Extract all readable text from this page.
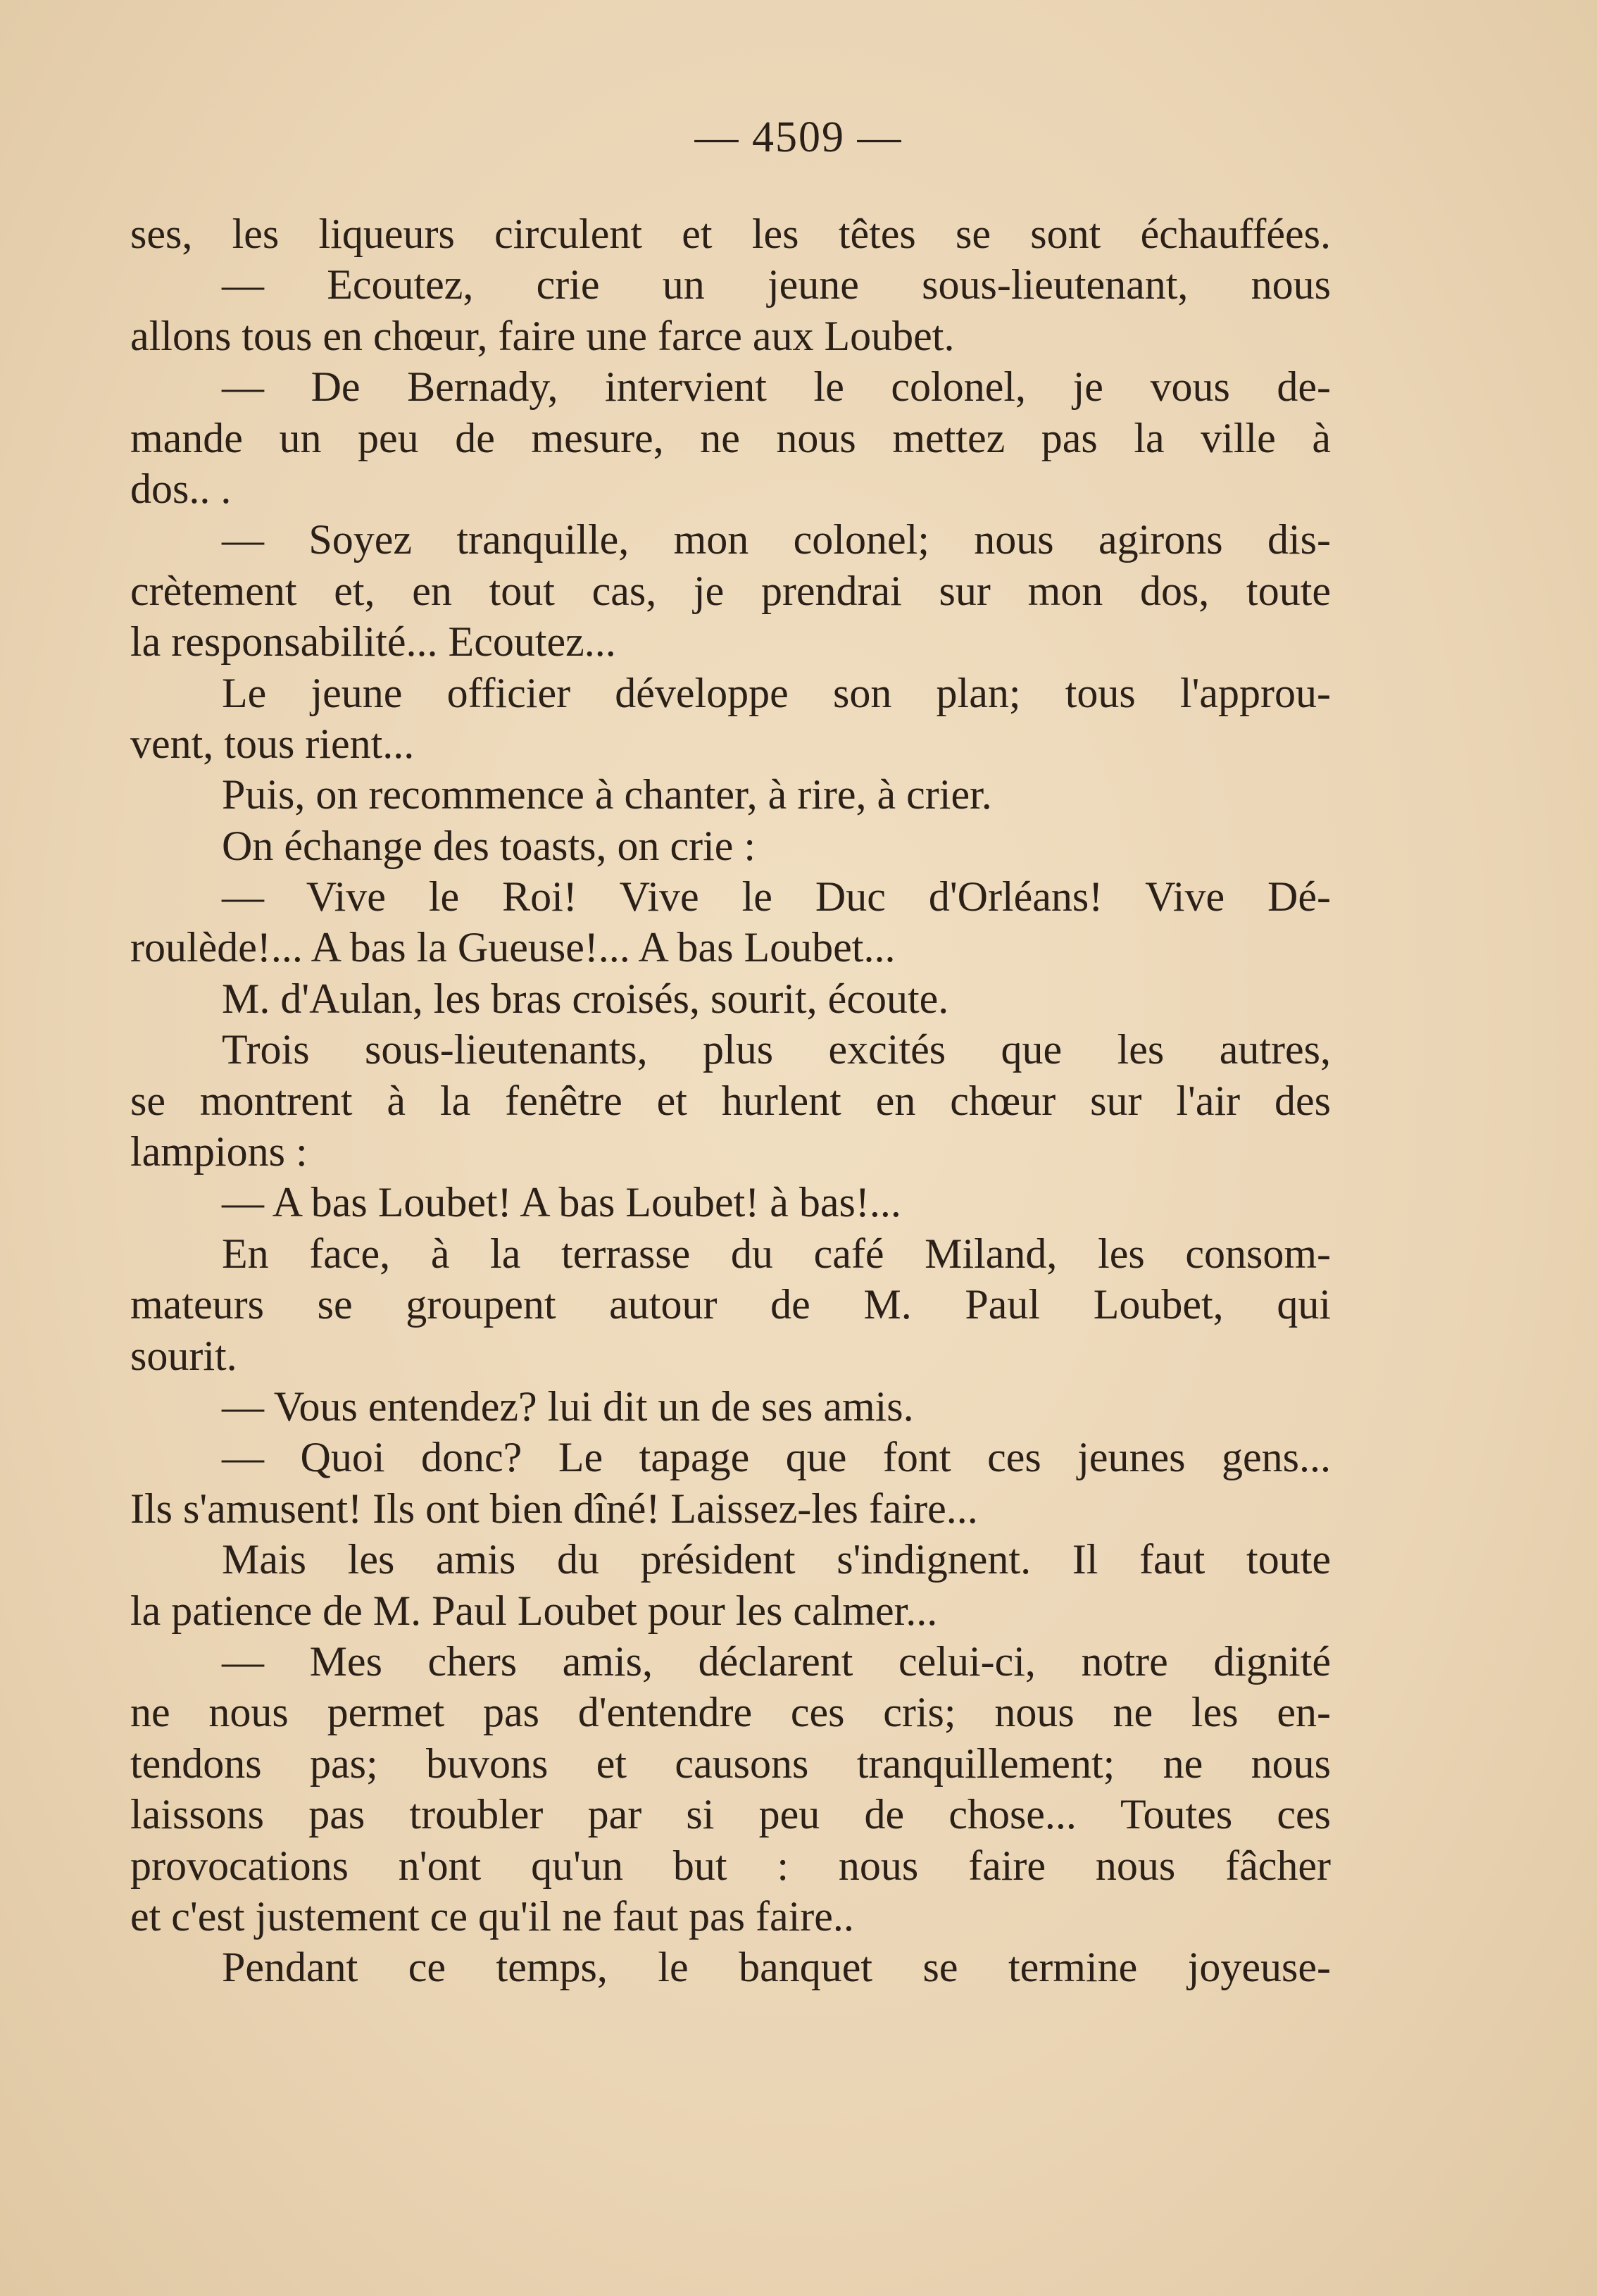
— 4509 —
ses, les liqueurs circulent et les têtes se sont échauffées.
— Ecoutez, crie un jeune sous-lieutenant, nous
allons tous en chœur, faire une farce aux Loubet.
— De Bernady, intervient le colonel, je vous de-
mande un peu de mesure, ne nous mettez pas la ville à
dos.. .
— Soyez tranquille, mon colonel; nous agirons dis-
crètement et, en tout cas, je prendrai sur mon dos, toute
la responsabilité... Ecoutez...
Le jeune officier développe son plan; tous l'approu-
vent, tous rient...
Puis, on recommence à chanter, à rire, à crier.
On échange des toasts, on crie :
— Vive le Roi! Vive le Duc d'Orléans! Vive Dé-
roulède!... A bas la Gueuse!... A bas Loubet...
M. d'Aulan, les bras croisés, sourit, écoute.
Trois sous-lieutenants, plus excités que les autres,
se montrent à la fenêtre et hurlent en chœur sur l'air des
lampions :
— A bas Loubet! A bas Loubet! à bas!...
En face, à la terrasse du café Miland, les consom-
mateurs se groupent autour de M. Paul Loubet, qui
sourit.
— Vous entendez? lui dit un de ses amis.
— Quoi donc? Le tapage que font ces jeunes gens...
Ils s'amusent! Ils ont bien dîné! Laissez-les faire...
Mais les amis du président s'indignent. Il faut toute
la patience de M. Paul Loubet pour les calmer...
— Mes chers amis, déclarent celui-ci, notre dignité
ne nous permet pas d'entendre ces cris; nous ne les en-
tendons pas; buvons et causons tranquillement; ne nous
laissons pas troubler par si peu de chose... Toutes ces
provocations n'ont qu'un but : nous faire nous fâcher
et c'est justement ce qu'il ne faut pas faire..
Pendant ce temps, le banquet se termine joyeuse-
